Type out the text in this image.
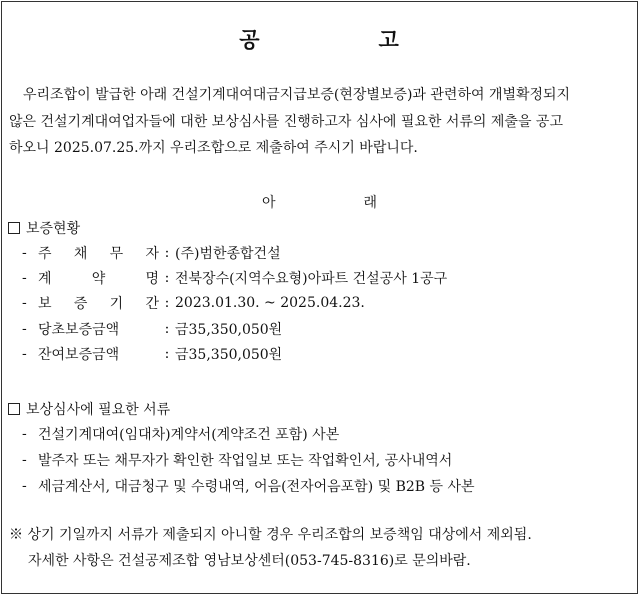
공	고
우리조합이 발급한 아래 건설기계대여대금지급보증(현장별보증)과 관련하여 개별확정되지
않은 건설기계대여업자들에 대한 보상심사를 진행하고자 심사에 필요한 서류의 제출을 공고
하오니 2025.07.25.까지 우리조합으로 제출하여 주시기 바랍니다.
아	래
보증현황
- 주 채 무 자 : (주)범한종합건설
- 계	약	명 : 전북장수(지역수요형)아파트 건설공사 1공구
- 보 증 기 간 : 2023.01.30. ~ 2025.04.23.
- 당초보증금액	: 금35,350,050원
- 잔여보증금액	: 금35,350,050원
보상심사에 필요한 서류
- 건설기계대여(임대차)계약서(계약조건 포함) 사본
- 발주자 또는 채무자가 확인한 작업일보 또는 작업확인서, 공사내역서
- 세금계산서, 대금청구 및 수령내역, 어음(전자어음포함) 및 B2B 등 사본
※ 상기 기일까지 서류가 제출되지 아니할 경우 우리조합의 보증책임 대상에서 제외됨.
자세한 사항은 건설공제조합 영남보상센터(053-745-8316)로 문의바람.
